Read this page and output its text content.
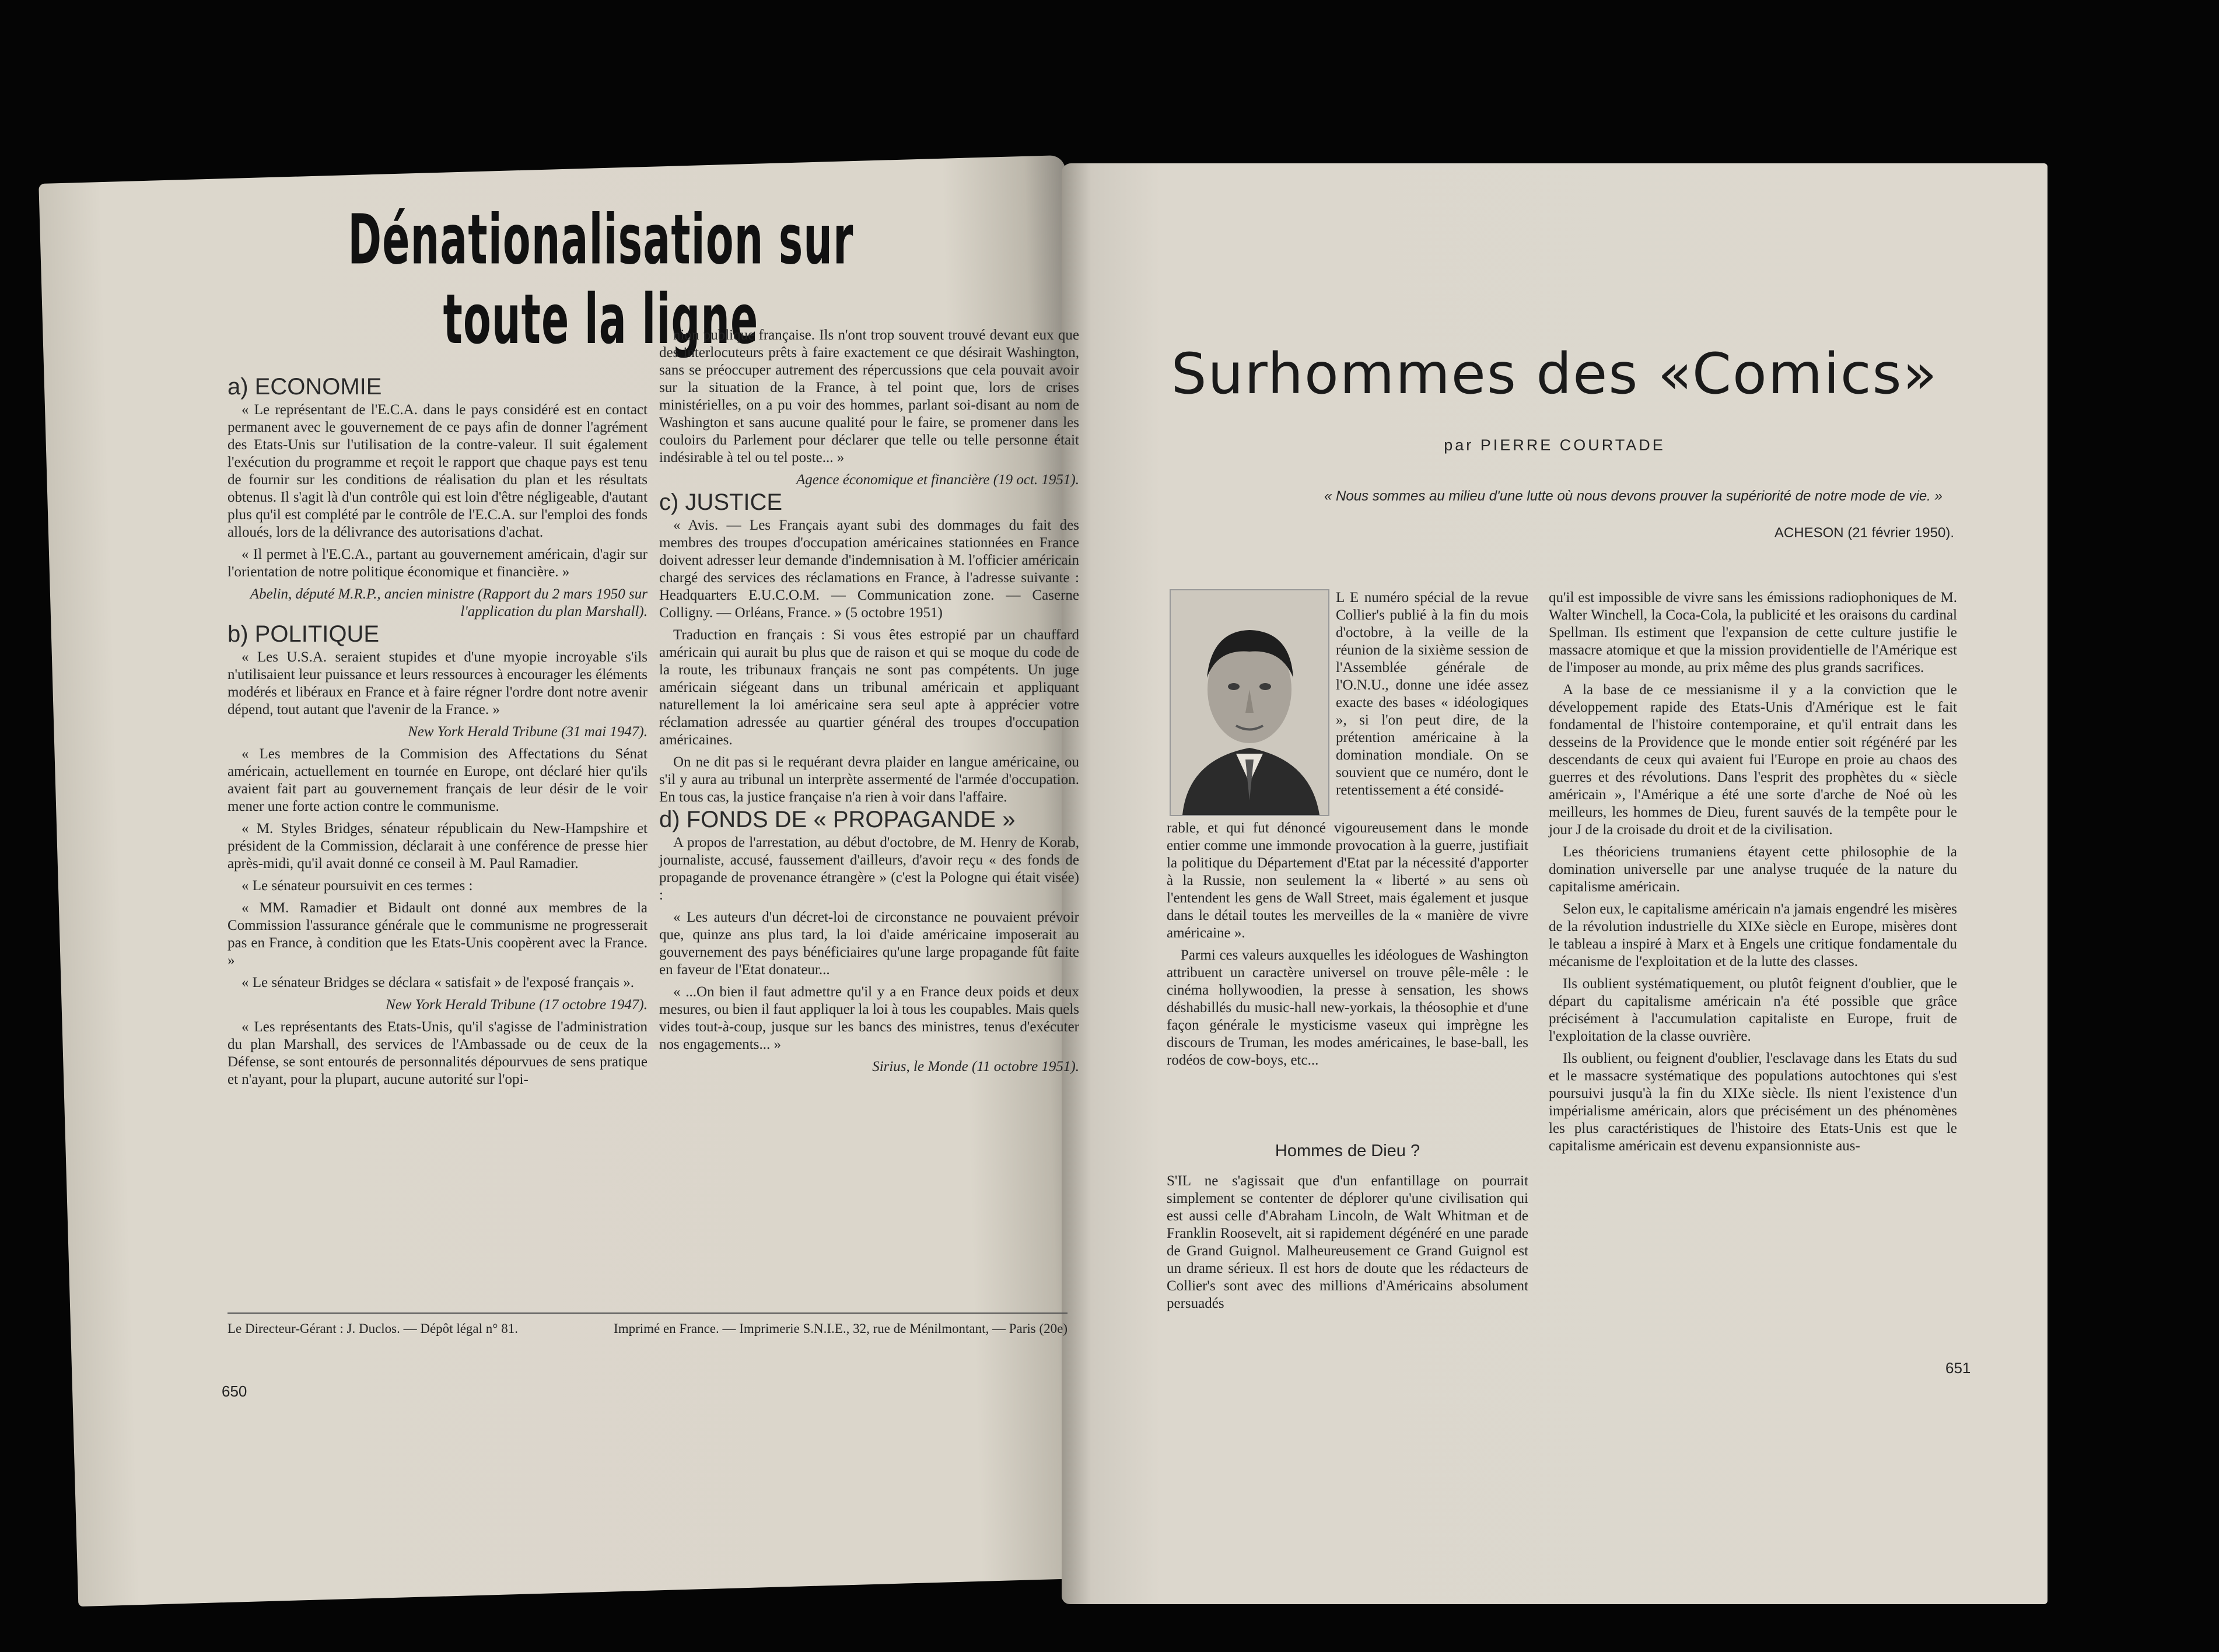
Dénationalisation sur toute la ligne
a) ECONOMIE

« Le représentant de l'E.C.A. dans le pays considéré est en contact permanent avec le gouvernement de ce pays afin de donner l'agrément des Etats-Unis sur l'utilisation de la contre-valeur. Il suit également l'exécution du programme et reçoit le rapport que chaque pays est tenu de fournir sur les conditions de réalisation du plan et les résultats obtenus. Il s'agit là d'un contrôle qui est loin d'être négligeable, d'autant plus qu'il est complété par le contrôle de l'E.C.A. sur l'emploi des fonds alloués, lors de la délivrance des autorisations d'achat.

« Il permet à l'E.C.A., partant au gouvernement américain, d'agir sur l'orientation de notre politique économique et financière. »

Abelin, député M.R.P., ancien ministre (Rapport du 2 mars 1950 sur l'application du plan Marshall).

b) POLITIQUE

« Les U.S.A. seraient stupides et d'une myopie incroyable s'ils n'utilisaient leur puissance et leurs ressources à encourager les éléments modérés et libéraux en France et à faire régner l'ordre dont notre avenir dépend, tout autant que l'avenir de la France. »

New York Herald Tribune (31 mai 1947).

« Les membres de la Commision des Affectations du Sénat américain, actuellement en tournée en Europe, ont déclaré hier qu'ils avaient fait part au gouvernement français de leur désir de le voir mener une forte action contre le communisme.

« M. Styles Bridges, sénateur républicain du New-Hampshire et président de la Commission, déclarait à une conférence de presse hier après-midi, qu'il avait donné ce conseil à M. Paul Ramadier.

« Le sénateur poursuivit en ces termes :

« MM. Ramadier et Bidault ont donné aux membres de la Commission l'assurance générale que le communisme ne progresserait pas en France, à condition que les Etats-Unis coopèrent avec la France. »

« Le sénateur Bridges se déclara « satisfait » de l'exposé français ».

New York Herald Tribune (17 octobre 1947).

« Les représentants des Etats-Unis, qu'il s'agisse de l'administration du plan Marshall, des services de l'Ambassade ou de ceux de la Défense, se sont entourés de personnalités dépourvues de sens pratique et n'ayant, pour la plupart, aucune autorité sur l'opi-

nion publique française. Ils n'ont trop souvent trouvé devant eux que des interlocuteurs prêts à faire exactement ce que désirait Washington, sans se préoccuper autrement des répercussions que cela pouvait avoir sur la situation de la France, à tel point que, lors de crises ministérielles, on a pu voir des hommes, parlant soi-disant au nom de Washington et sans aucune qualité pour le faire, se promener dans les couloirs du Parlement pour déclarer que telle ou telle personne était indésirable à tel ou tel poste... »

Agence économique et financière (19 oct. 1951).

c) JUSTICE

« Avis. — Les Français ayant subi des dommages du fait des membres des troupes d'occupation américaines stationnées en France doivent adresser leur demande d'indemnisation à M. l'officier américain chargé des services des réclamations en France, à l'adresse suivante : Headquarters E.U.C.O.M. — Communication zone. — Caserne Colligny. — Orléans, France. » (5 octobre 1951)

Traduction en français : Si vous êtes estropié par un chauffard américain qui aurait bu plus que de raison et qui se moque du code de la route, les tribunaux français ne sont pas compétents. Un juge américain siégeant dans un tribunal américain et appliquant naturellement la loi américaine sera seul apte à apprécier votre réclamation adressée au quartier général des troupes d'occupation américaines.

On ne dit pas si le requérant devra plaider en langue américaine, ou s'il y aura au tribunal un interprète assermenté de l'armée d'occupation. En tous cas, la justice française n'a rien à voir dans l'affaire.

d) FONDS DE « PROPAGANDE »

A propos de l'arrestation, au début d'octobre, de M. Henry de Korab, journaliste, accusé, faussement d'ailleurs, d'avoir reçu « des fonds de propagande de provenance étrangère » (c'est la Pologne qui était visée) :

« Les auteurs d'un décret-loi de circonstance ne pouvaient prévoir que, quinze ans plus tard, la loi d'aide américaine imposerait au gouvernement des pays bénéficiaires qu'une large propagande fût faite en faveur de l'Etat donateur...

« ...On bien il faut admettre qu'il y a en France deux poids et deux mesures, ou bien il faut appliquer la loi à tous les coupables. Mais quels vides tout-à-coup, jusque sur les bancs des ministres, tenus d'exécuter nos engagements... »

Sirius, le Monde (11 octobre 1951).

Le Directeur-Gérant : J. Duclos. — Dépôt légal n° 81.	Imprimé en France. — Imprimerie S.N.I.E., 32, rue de Ménilmontant, — Paris (20e)
650
Surhommes des «Comics»
par PIERRE COURTADE
« Nous sommes au milieu d'une lutte où nous devons prouver la supériorité de notre mode de vie. »
ACHESON (21 février 1950).

L E numéro spécial de la revue Collier's publié à la fin du mois d'octobre, à la veille de la réunion de la sixième session de l'Assemblée générale de l'O.N.U., donne une idée assez exacte des bases « idéologiques », si l'on peut dire, de la prétention américaine à la domination mondiale. On se souvient que ce numéro, dont le retentissement a été considé-

rable, et qui fut dénoncé vigoureusement dans le monde entier comme une immonde provocation à la guerre, justifiait la politique du Département d'Etat par la nécessité d'apporter à la Russie, non seulement la « liberté » au sens où l'entendent les gens de Wall Street, mais également et jusque dans le détail toutes les merveilles de la « manière de vivre américaine ».

Parmi ces valeurs auxquelles les idéologues de Washington attribuent un caractère universel on trouve pêle-mêle : le cinéma hollywoodien, la presse à sensation, les shows déshabillés du music-hall new-yorkais, la théosophie et d'une façon générale le mysticisme vaseux qui imprègne les discours de Truman, les modes américaines, le base-ball, les rodéos de cow-boys, etc...

Hommes de Dieu ?

S'IL ne s'agissait que d'un enfantillage on pourrait simplement se contenter de déplorer qu'une civilisation qui est aussi celle d'Abraham Lincoln, de Walt Whitman et de Franklin Roosevelt, ait si rapidement dégénéré en une parade de Grand Guignol. Malheureusement ce Grand Guignol est un drame sérieux. Il est hors de doute que les rédacteurs de Collier's sont avec des millions d'Américains absolument persuadés

qu'il est impossible de vivre sans les émissions radiophoniques de M. Walter Winchell, la Coca-Cola, la publicité et les oraisons du cardinal Spellman. Ils estiment que l'expansion de cette culture justifie le massacre atomique et que la mission providentielle de l'Amérique est de l'imposer au monde, au prix même des plus grands sacrifices.

A la base de ce messianisme il y a la conviction que le développement rapide des Etats-Unis d'Amérique est le fait fondamental de l'histoire contemporaine, et qu'il entrait dans les desseins de la Providence que le monde entier soit régénéré par les descendants de ceux qui avaient fui l'Europe en proie au chaos des guerres et des révolutions. Dans l'esprit des prophètes du « siècle américain », l'Amérique a été une sorte d'arche de Noé où les meilleurs, les hommes de Dieu, furent sauvés de la tempête pour le jour J de la croisade du droit et de la civilisation.

Les théoriciens trumaniens étayent cette philosophie de la domination universelle par une analyse truquée de la nature du capitalisme américain.

Selon eux, le capitalisme américain n'a jamais engendré les misères de la révolution industrielle du XIXe siècle en Europe, misères dont le tableau a inspiré à Marx et à Engels une critique fondamentale du mécanisme de l'exploitation et de la lutte des classes.

Ils oublient systématiquement, ou plutôt feignent d'oublier, que le départ du capitalisme américain n'a été possible que grâce précisément à l'accumulation capitaliste en Europe, fruit de l'exploitation de la classe ouvrière.

Ils oublient, ou feignent d'oublier, l'esclavage dans les Etats du sud et le massacre systématique des populations autochtones qui s'est poursuivi jusqu'à la fin du XIXe siècle. Ils nient l'existence d'un impérialisme américain, alors que précisément un des phénomènes les plus caractéristiques de l'histoire des Etats-Unis est que le capitalisme américain est devenu expansionniste aus-

651
